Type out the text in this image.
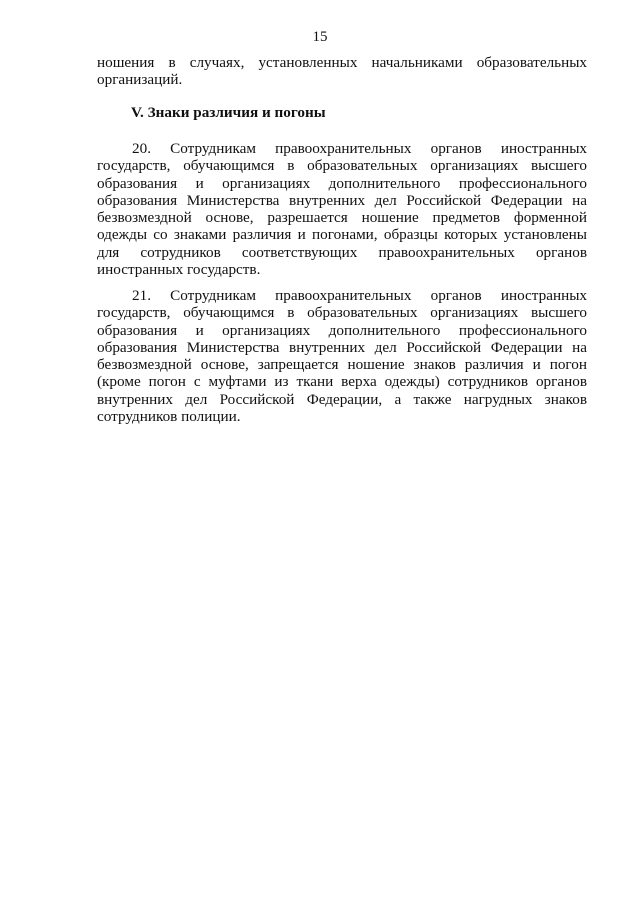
15

ношения в случаях, установленных начальниками образовательных организаций.

V. Знаки различия и погоны

20. Сотрудникам правоохранительных органов иностранных государств, обучающимся в образовательных организациях высшего образования и организациях дополнительного профессионального образования Министерства внутренних дел Российской Федерации на безвозмездной основе, разрешается ношение предметов форменной одежды со знаками различия и погонами, образцы которых установлены для сотрудников соответствующих правоохранительных органов иностранных государств.

21. Сотрудникам правоохранительных органов иностранных государств, обучающимся в образовательных организациях высшего образования и организациях дополнительного профессионального образования Министерства внутренних дел Российской Федерации на безвозмездной основе, запрещается ношение знаков различия и погон (кроме погон с муфтами из ткани верха одежды) сотрудников органов внутренних дел Российской Федерации, а также нагрудных знаков сотрудников полиции.
